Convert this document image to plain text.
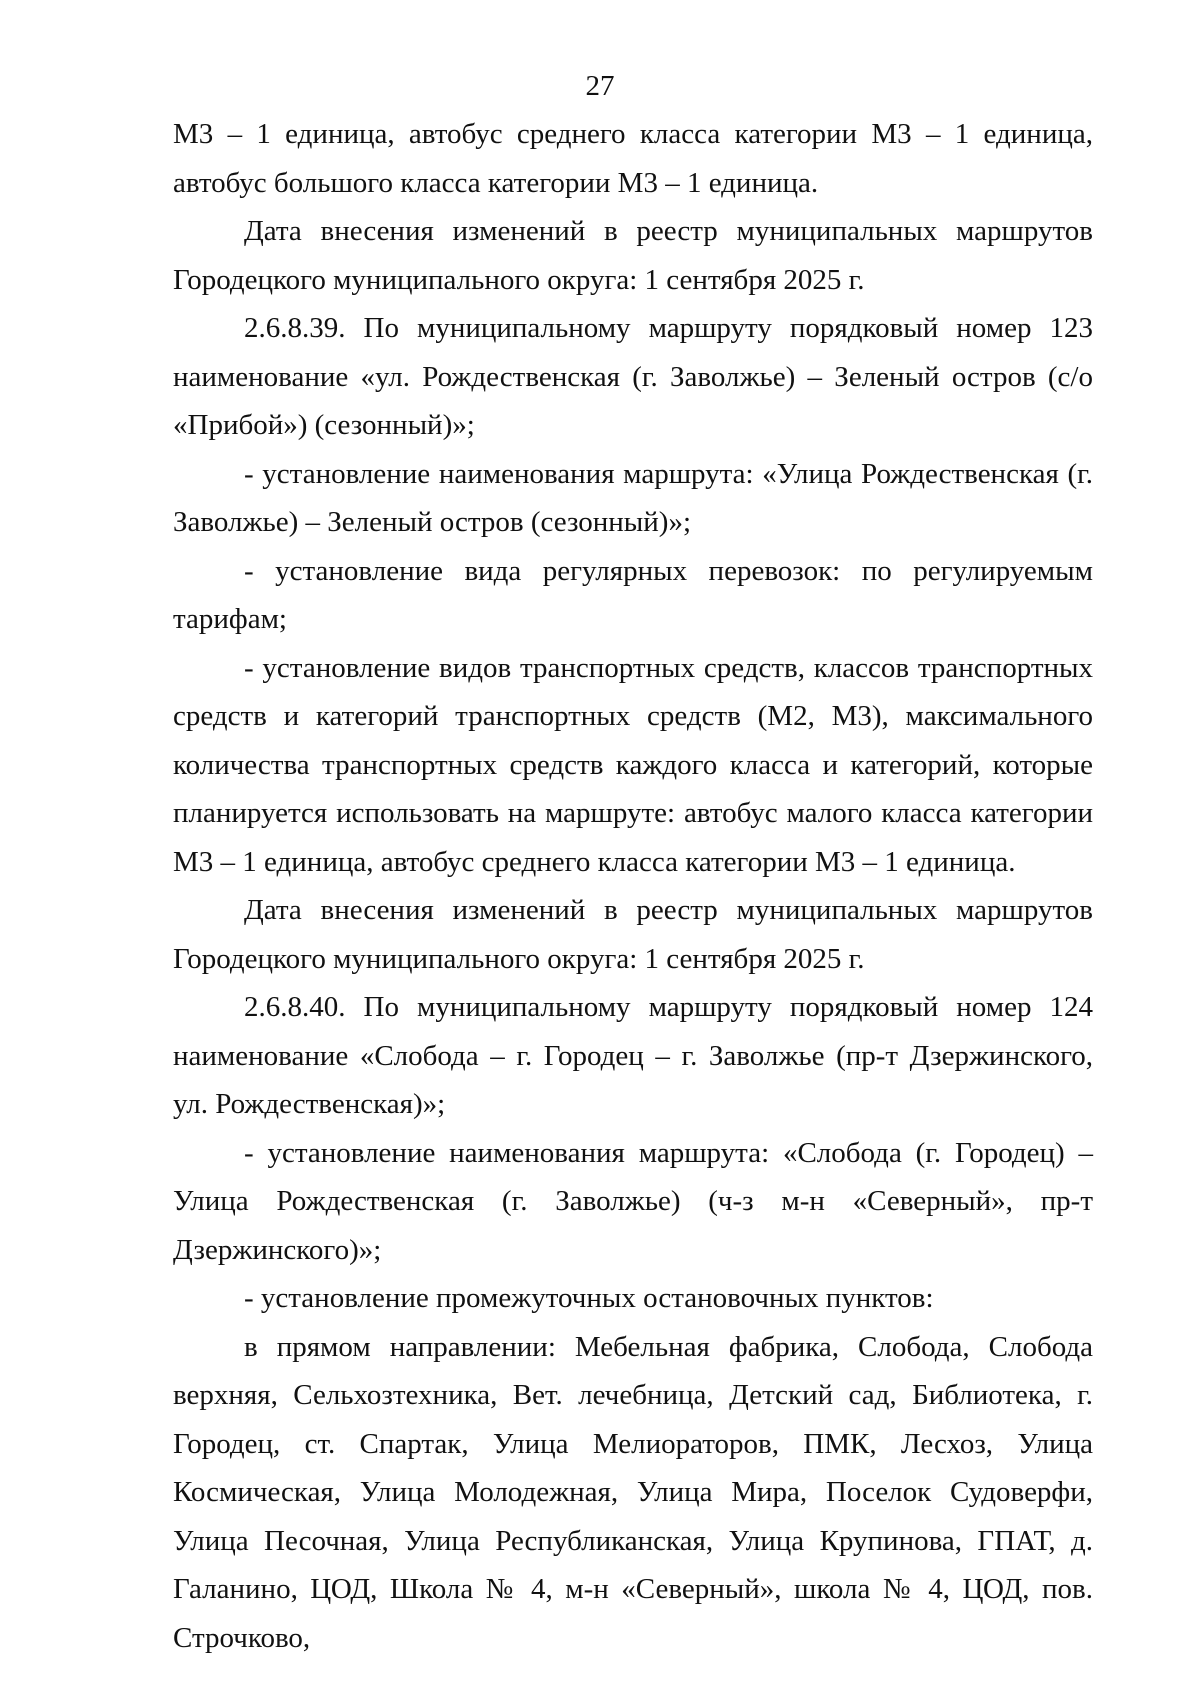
27

М3 – 1 единица, автобус среднего класса категории М3 – 1 единица, автобус большого класса категории М3 – 1 единица.

Дата внесения изменений в реестр муниципальных маршрутов Городецкого муниципального округа: 1 сентября 2025 г.

2.6.8.39. По муниципальному маршруту порядковый номер 123 наименование «ул. Рождественская (г. Заволжье) – Зеленый остров (с/о «Прибой») (сезонный)»;

- установление наименования маршрута: «Улица Рождественская (г. Заволжье) – Зеленый остров (сезонный)»;

- установление вида регулярных перевозок: по регулируемым тарифам;

- установление видов транспортных средств, классов транспортных средств и категорий транспортных средств (М2, М3), максимального количества транспортных средств каждого класса и категорий, которые планируется использовать на маршруте: автобус малого класса категории М3 – 1 единица, автобус среднего класса категории М3 – 1 единица.

Дата внесения изменений в реестр муниципальных маршрутов Городецкого муниципального округа: 1 сентября 2025 г.

2.6.8.40. По муниципальному маршруту порядковый номер 124 наименование «Слобода – г. Городец – г. Заволжье (пр-т Дзержинского, ул. Рождественская)»;

- установление наименования маршрута: «Слобода (г. Городец) – Улица Рождественская (г. Заволжье) (ч-з м-н «Северный», пр-т Дзержинского)»;

- установление промежуточных остановочных пунктов:

в прямом направлении: Мебельная фабрика, Слобода, Слобода верхняя, Сельхозтехника, Вет. лечебница, Детский сад, Библиотека, г. Городец, ст. Спартак, Улица Мелиораторов, ПМК, Лесхоз, Улица Космическая, Улица Молодежная, Улица Мира, Поселок Судоверфи, Улица Песочная, Улица Республиканская, Улица Крупинова, ГПАТ, д. Галанино, ЦОД, Школа № 4, м-н «Северный», школа № 4, ЦОД, пов. Строчково,
